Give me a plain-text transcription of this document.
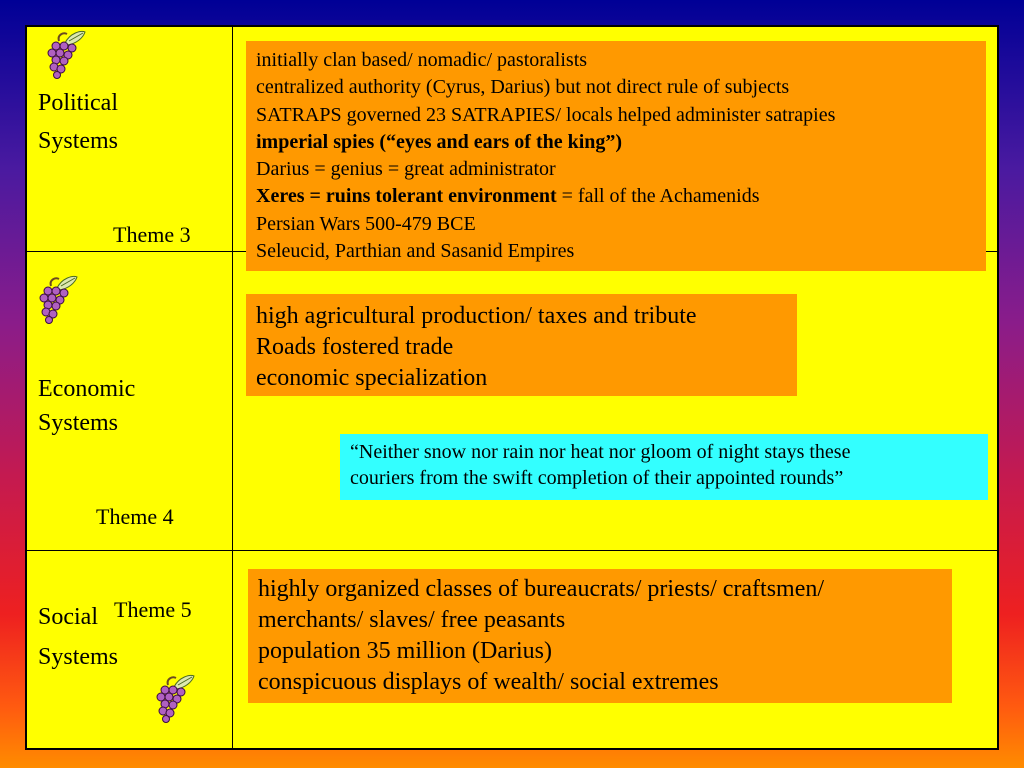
Political
Systems
Theme 3
initially clan based/ nomadic/ pastoralists
centralized authority (Cyrus, Darius) but not direct rule of subjects
SATRAPS governed 23 SATRAPIES/ locals helped administer satrapies
imperial spies (“eyes and ears of the king”)
Darius = genius = great administrator
Xeres = ruins tolerant environment = fall of the Achamenids
Persian Wars 500-479 BCE
Seleucid, Parthian and Sasanid Empires
Economic
Systems
Theme 4
high agricultural production/ taxes and tribute
Roads fostered trade
economic specialization
“Neither snow nor rain nor heat nor gloom of night stays these
couriers from the swift completion of their appointed rounds”
Social
Systems
Theme 5
highly organized classes of bureaucrats/ priests/ craftsmen/
merchants/ slaves/ free peasants
population 35 million (Darius)
conspicuous displays of wealth/ social extremes
